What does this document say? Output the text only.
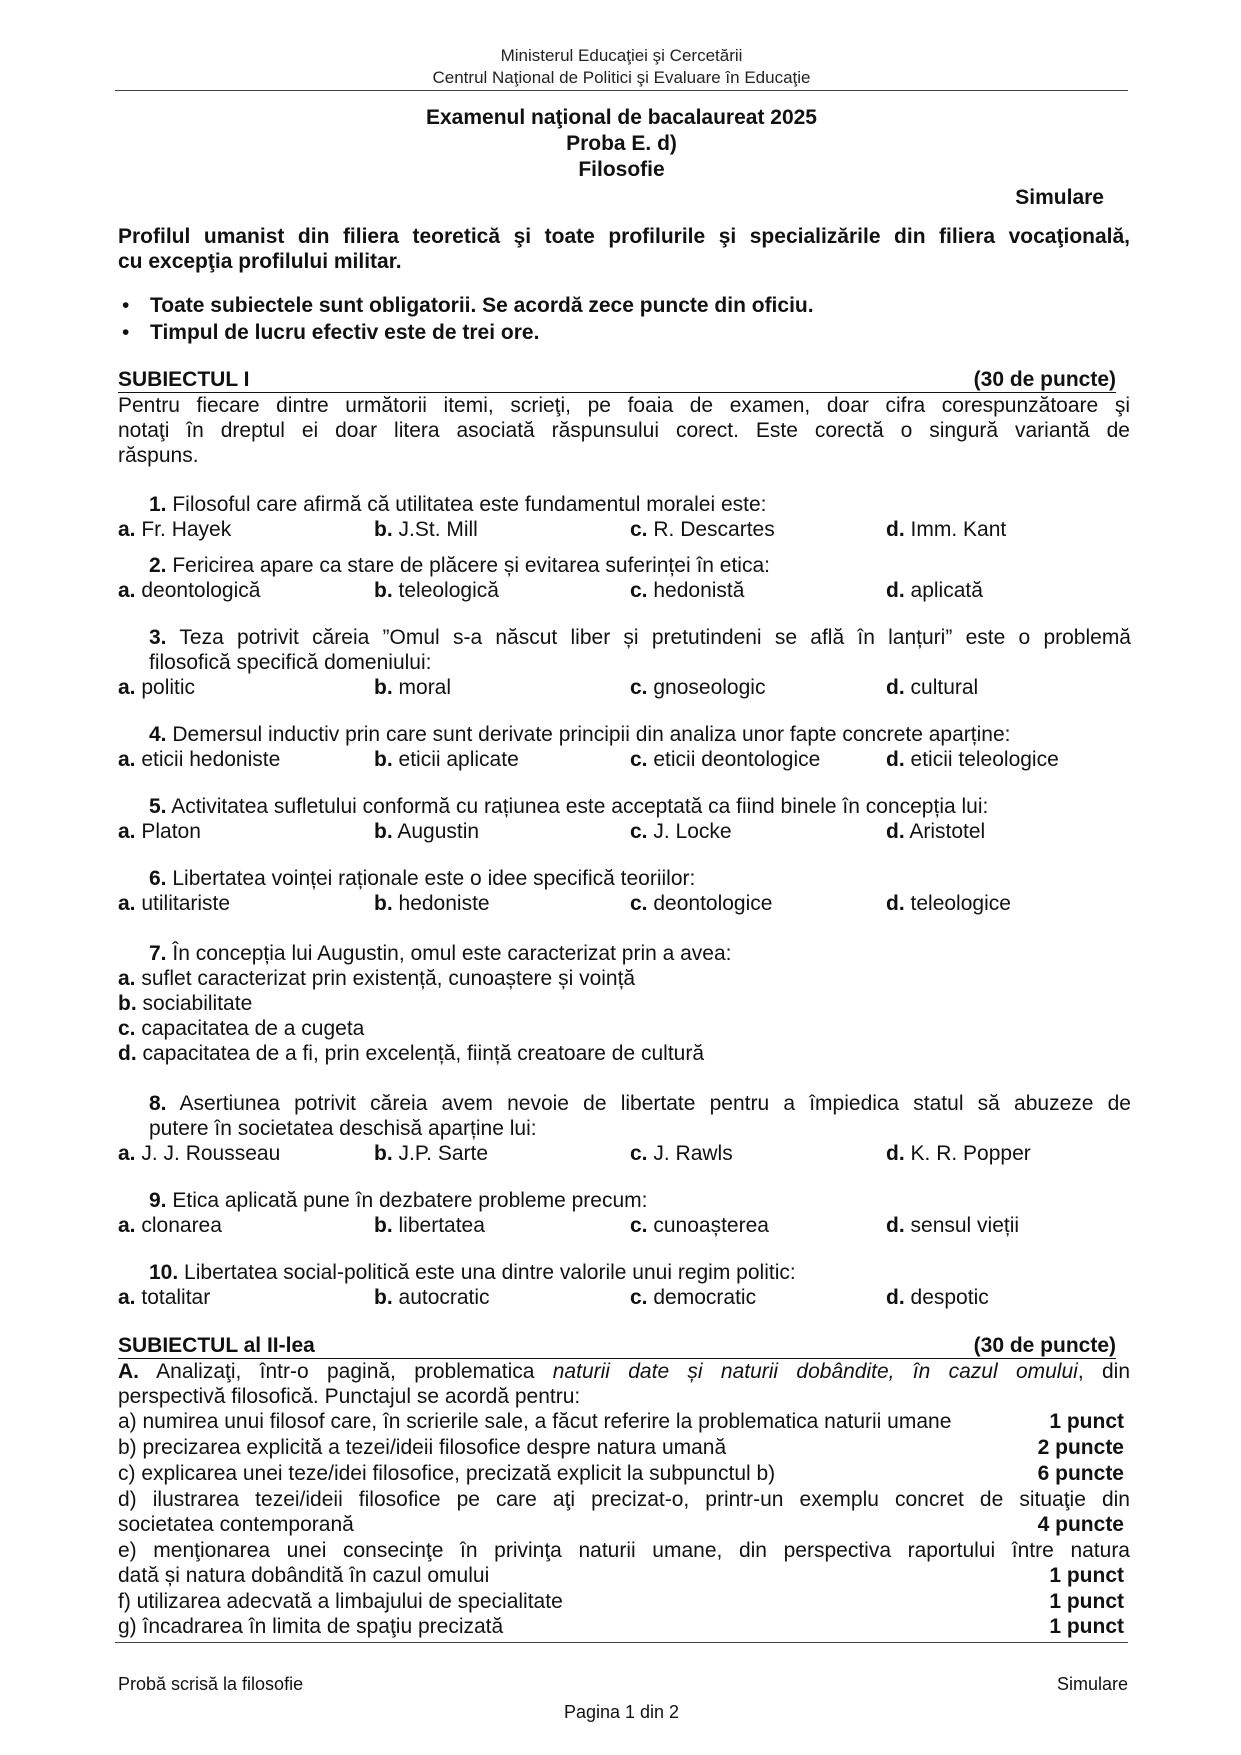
Ministerul Educaţiei şi Cercetării
Centrul Naţional de Politici şi Evaluare în Educaţie
Examenul naţional de bacalaureat 2025
Proba E. d)
Filosofie
Simulare
Profilul umanist din filiera teoretică şi toate profilurile şi specializările din filiera vocaţională,
cu excepţia profilului militar.
• Toate subiectele sunt obligatorii. Se acordă zece puncte din oficiu.
• Timpul de lucru efectiv este de trei ore.
SUBIECTUL I	(30 de puncte)
Pentru fiecare dintre următorii itemi, scrieţi, pe foaia de examen, doar cifra corespunzătoare şi
notaţi în dreptul ei doar litera asociată răspunsului corect. Este corectă o singură variantă de
răspuns.
1. Filosoful care afirmă că utilitatea este fundamentul moralei este:
a. Fr. Hayek	b. J.St. Mill	c. R. Descartes	d. Imm. Kant
2. Fericirea apare ca stare de plăcere și evitarea suferinței în etica:
a. deontologică	b. teleologică	c. hedonistă	d. aplicată
3. Teza potrivit căreia ”Omul s-a născut liber și pretutindeni se află în lanțuri” este o problemă
filosofică specifică domeniului:
a. politic	b. moral	c. gnoseologic	d. cultural
4. Demersul inductiv prin care sunt derivate principii din analiza unor fapte concrete aparține:
a. eticii hedoniste	b. eticii aplicate	c. eticii deontologice	d. eticii teleologice
5. Activitatea sufletului conformă cu rațiunea este acceptată ca fiind binele în concepția lui:
a. Platon	b. Augustin	c. J. Locke	d. Aristotel
6. Libertatea voinței raționale este o idee specifică teoriilor:
a. utilitariste	b. hedoniste	c. deontologice	d. teleologice
7. În concepția lui Augustin, omul este caracterizat prin a avea:
a. suflet caracterizat prin existență, cunoaștere și voință
b. sociabilitate
c. capacitatea de a cugeta
d. capacitatea de a fi, prin excelență, ființă creatoare de cultură
8. Asertiunea potrivit căreia avem nevoie de libertate pentru a împiedica statul să abuzeze de
putere în societatea deschisă aparține lui:
a. J. J. Rousseau	b. J.P. Sarte	c. J. Rawls	d. K. R. Popper
9. Etica aplicată pune în dezbatere probleme precum:
a. clonarea	b. libertatea	c. cunoașterea	d. sensul vieții
10. Libertatea social-politică este una dintre valorile unui regim politic:
a. totalitar	b. autocratic	c. democratic	d. despotic
SUBIECTUL al II-lea	(30 de puncte)
A. Analizaţi, într-o pagină, problematica naturii date și naturii dobândite, în cazul omului, din
perspectivă filosofică. Punctajul se acordă pentru:
a) numirea unui filosof care, în scrierile sale, a făcut referire la problematica naturii umane	1 punct
b) precizarea explicită a tezei/ideii filosofice despre natura umană	2 puncte
c) explicarea unei teze/idei filosofice, precizată explicit la subpunctul b)	6 puncte
d) ilustrarea tezei/ideii filosofice pe care aţi precizat-o, printr-un exemplu concret de situaţie din
societatea contemporană	4 puncte
e) menţionarea unei consecinţe în privinţa naturii umane, din perspectiva raportului între natura
dată și natura dobândită în cazul omului	1 punct
f) utilizarea adecvată a limbajului de specialitate	1 punct
g) încadrarea în limita de spaţiu precizată	1 punct
Probă scrisă la filosofie	Simulare
Pagina 1 din 2
